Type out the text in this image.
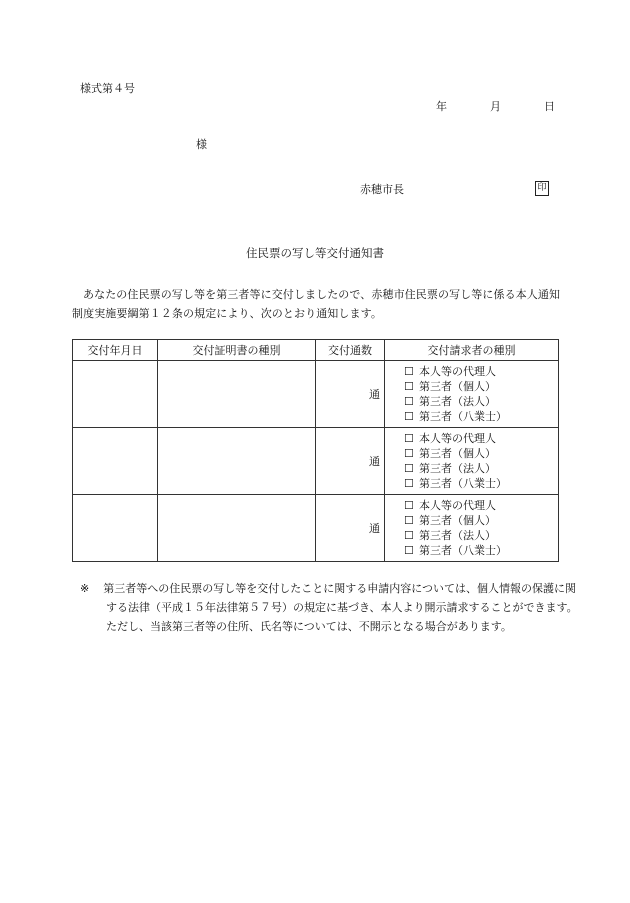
様式第４号
年	月	日
様
赤穂市長	印
住民票の写し等交付通知書
あなたの住民票の写し等を第三者等に交付しましたので、赤穂市住民票の写し等に係る本人通知制度実施要綱第１２条の規定により、次のとおり通知します。
交付年月日	交付証明書の種別	交付通数	交付請求者の種別
		通	☐ 本人等の代理人
☐ 第三者（個人）
☐ 第三者（法人）
☐ 第三者（八業士）

		通	☐ 本人等の代理人
☐ 第三者（個人）
☐ 第三者（法人）
☐ 第三者（八業士）

		通	☐ 本人等の代理人
☐ 第三者（個人）
☐ 第三者（法人）
☐ 第三者（八業士）
※ 第三者等への住民票の写し等を交付したことに関する申請内容については、個人情報の保護に関する法律（平成１５年法律第５７号）の規定に基づき、本人より開示請求することができます。ただし、当該第三者等の住所、氏名等については、不開示となる場合があります。
